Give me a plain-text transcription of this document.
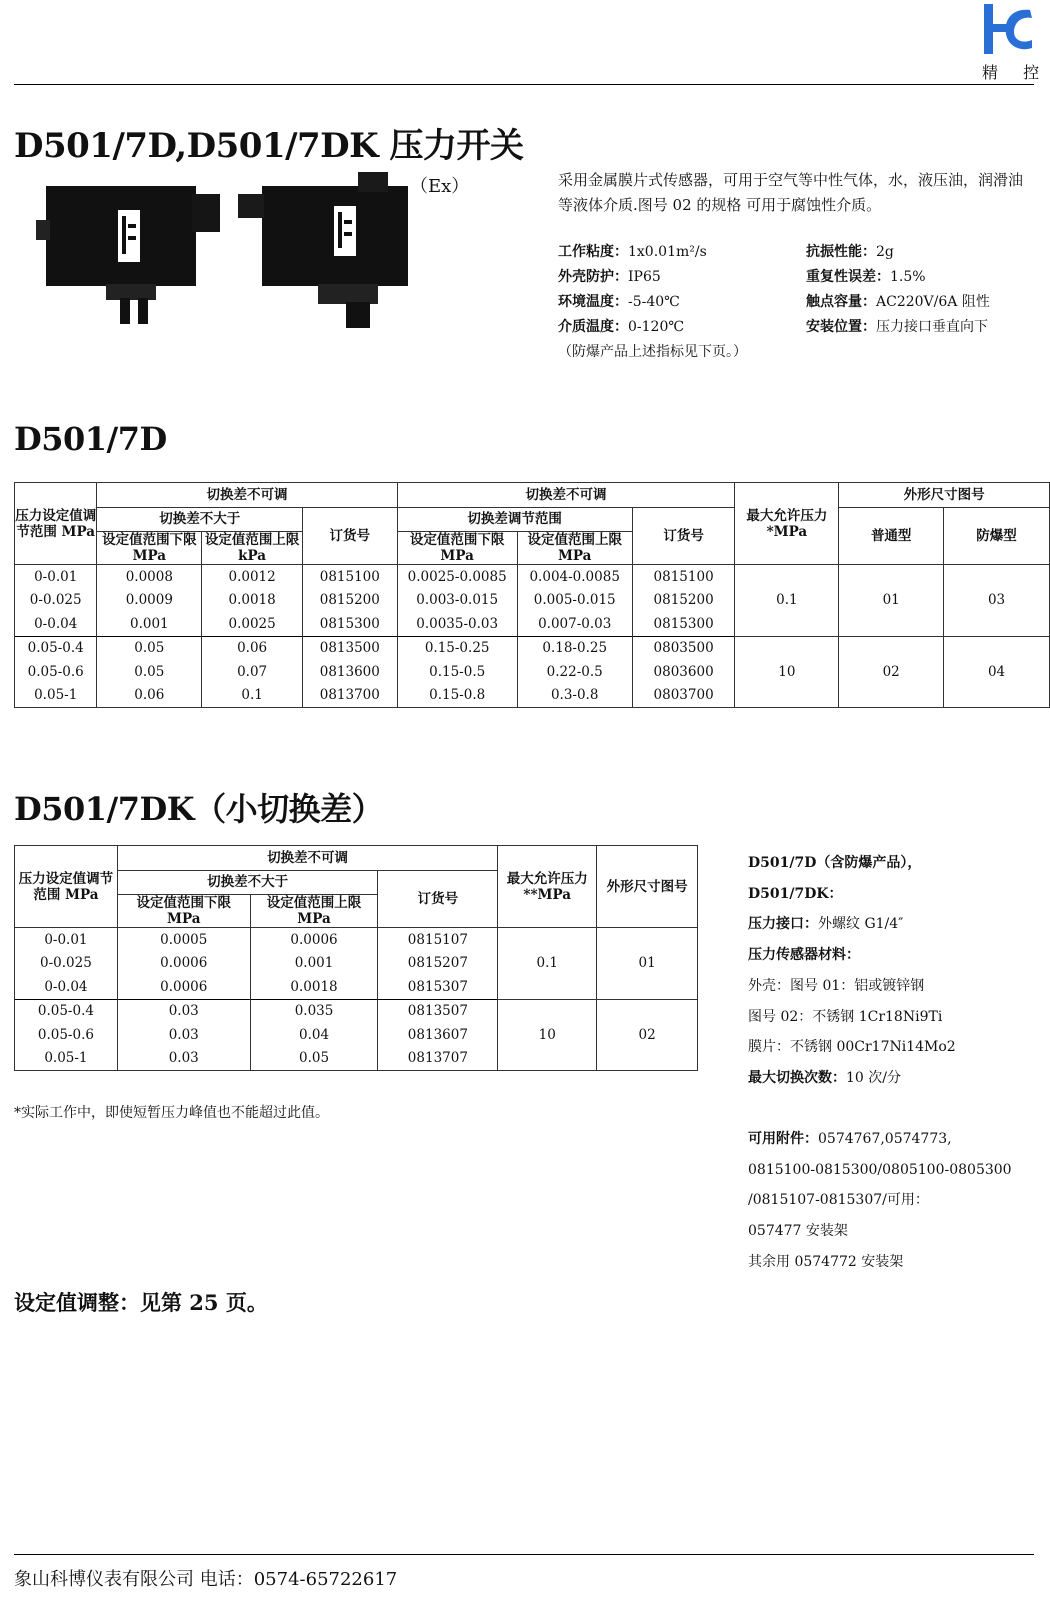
精 控
D501/7D,D501/7DK 压力开关
（Ex）	采用金属膜片式传感器，可用于空气等中性气体，水，液压油，润滑油等液体介质.图号 02 的规格 可用于腐蚀性介质。
工作粘度：1x0.01m²/s
外壳防护：IP65
环境温度：-5-40℃
介质温度：0-120℃
（防爆产品上述指标见下页。）
抗振性能：2g
重复性误差：1.5%
触点容量：AC220V/6A 阻性
安装位置：压力接口垂直向下
D501/7D
压力设定值调节范围 MPa	切换差不可调			切换差不可调			最大允许压力*MPa	外形尺寸图号	
	切换差不大于		订货号	切换差调节范围		订货号		普通型	防爆型
	设定值范围下限 MPa	设定值范围上限 kPa		设定值范围下限 MPa	设定值范围上限 MPa				

0-0.01	0.0008	0.0012	0815100	0.0025-0.0085	0.004-0.0085	0815100	0.1	01	03
0-0.025	0.0009	0.0018	0815200	0.003-0.015	0.005-0.015	0815200			
0-0.04	0.001	0.0025	0815300	0.0035-0.03	0.007-0.03	0815300			
0.05-0.4	0.05	0.06	0813500	0.15-0.25	0.18-0.25	0803500	10	02	04
0.05-0.6	0.05	0.07	0813600	0.15-0.5	0.22-0.5	0803600			
0.05-1	0.06	0.1	0813700	0.15-0.8	0.3-0.8	0803700			
D501/7DK（小切换差）
压力设定值调节范围 MPa	切换差不可调			最大允许压力**MPa	外形尺寸图号
	切换差不大于		订货号		
	设定值范围下限 MPa	设定值范围上限 MPa			

0-0.01	0.0005	0.0006	0815107	0.1	01
0-0.025	0.0006	0.001	0815207		
0-0.04	0.0006	0.0018	0815307		
0.05-0.4	0.03	0.035	0813507	10	02
0.05-0.6	0.03	0.04	0813607		
0.05-1	0.03	0.05	0813707		
*实际工作中，即使短暂压力峰值也不能超过此值。
D501/7D（含防爆产品），
D501/7DK：
压力接口：外螺纹 G1/4″
压力传感器材料：
外壳：图号 01：铝或镀锌钢
图号 02：不锈钢 1Cr18Ni9Ti
膜片：不锈钢 00Cr17Ni14Mo2
最大切换次数：10 次/分
可用附件：0574767,0574773,
0815100-0815300/0805100-0805300
/0815107-0815307/可用：
057477 安装架
其余用 0574772 安装架
设定值调整：见第 25 页。
象山科博仪表有限公司 电话：0574-65722617
